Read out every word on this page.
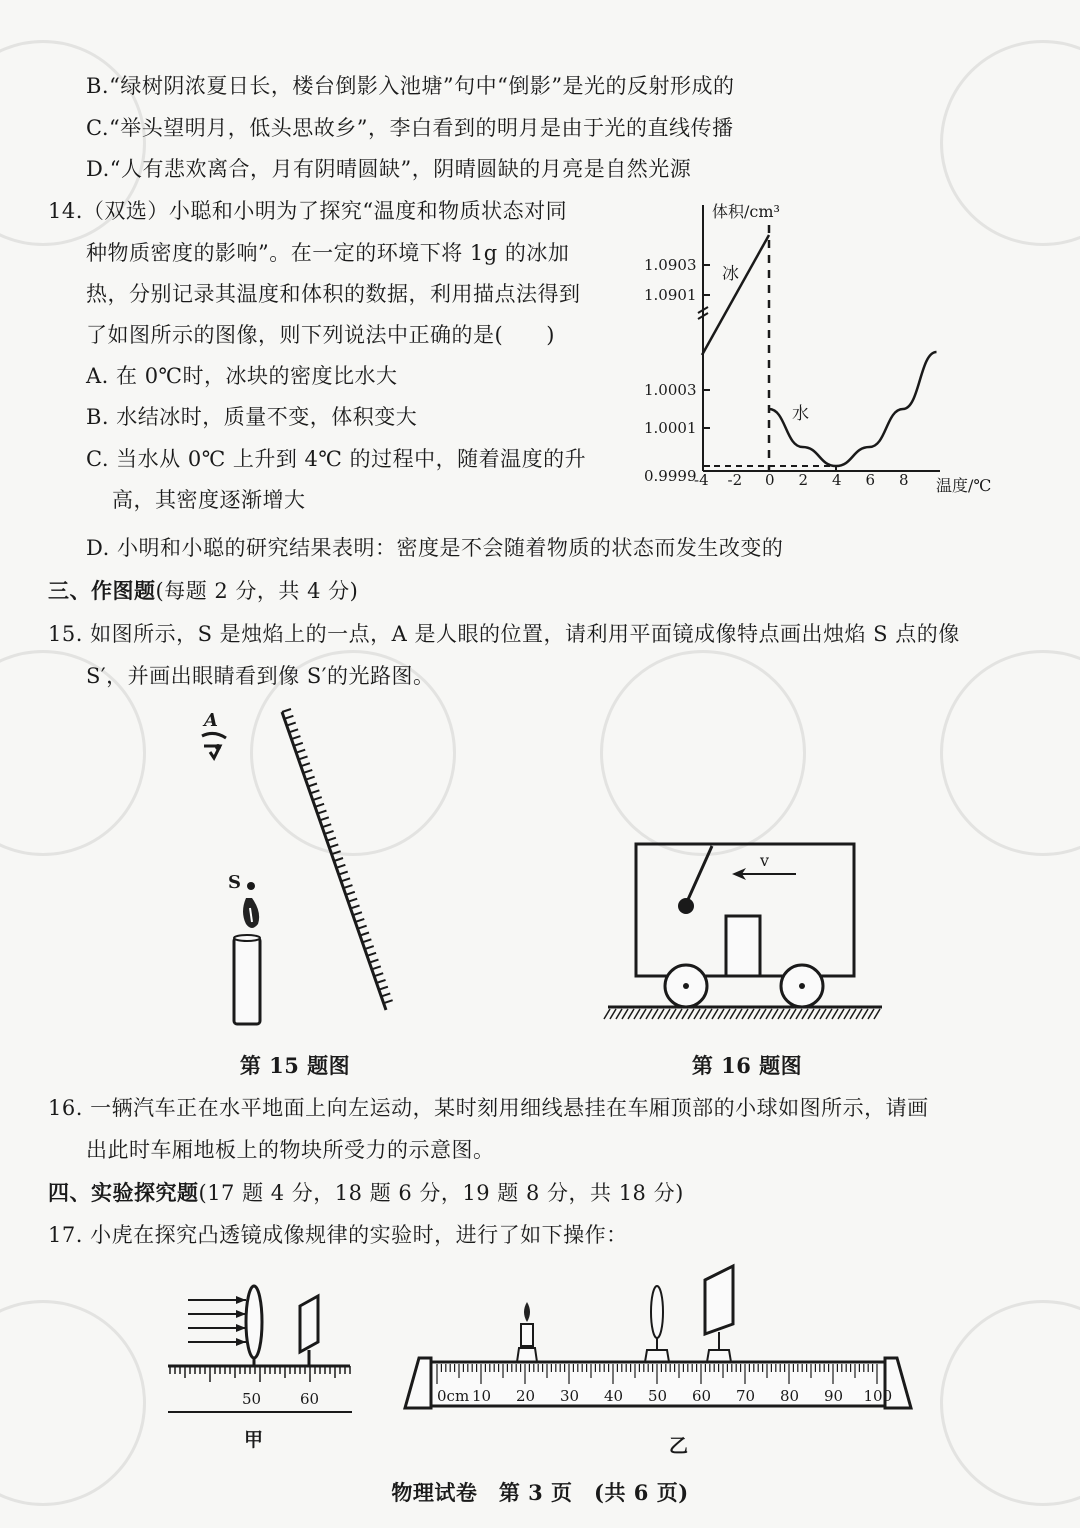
B.“绿树阴浓夏日长，楼台倒影入池塘”句中“倒影”是光的反射形成的
C.“举头望明月，低头思故乡”，李白看到的明月是由于光的直线传播
D.“人有悲欢离合，月有阴晴圆缺”，阴晴圆缺的月亮是自然光源
14.（双选）小聪和小明为了探究“温度和物质状态对同
种物质密度的影响”。在一定的环境下将 1g 的冰加
热，分别记录其温度和体积的数据，利用描点法得到
了如图所示的图像，则下列说法中正确的是(　　)
A. 在 0℃时，冰块的密度比水大
B. 水结冰时，质量不变，体积变大
C. 当水从 0℃ 上升到 4℃ 的过程中，随着温度的升
高，其密度逐渐增大
D. 小明和小聪的研究结果表明：密度是不会随着物质的状态而发生改变的
体积/cm³
温度/℃
-4 -2 0 2 4 6 8
1.0903
1.0901
1.0003
1.0001
0.9999
冰
水
三、作图题(每题 2 分，共 4 分)
15. 如图所示，S 是烛焰上的一点，A 是人眼的位置，请利用平面镜成像特点画出烛焰 S 点的像
S′，并画出眼睛看到像 S′的光路图。
A
S
第 15 题图
v
第 16 题图
16. 一辆汽车正在水平地面上向左运动，某时刻用细线悬挂在车厢顶部的小球如图所示，请画
出此时车厢地板上的物块所受力的示意图。
四、实验探究题(17 题 4 分，18 题 6 分，19 题 8 分，共 18 分)
17. 小虎在探究凸透镜成像规律的实验时，进行了如下操作：
50	60
甲
0cm 10 20 30 40 50 60 70 80 90 100
乙
物理试卷　第 3 页　(共 6 页)
